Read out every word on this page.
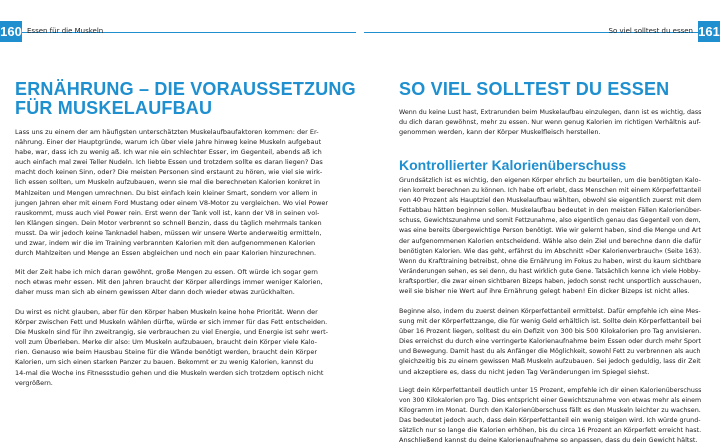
160 Essen für die Muskeln	So viel solltest du essen 161
ERNÄHRUNG – DIE VORAUSSETZUNG
FÜR MUSKELAUFBAU
Lass uns zu einem der am häufigsten unterschätzten Muskelaufbaufaktoren kommen: der Er-
nährung. Einer der Hauptgründe, warum ich über viele Jahre hinweg keine Muskeln aufgebaut
habe, war, dass ich zu wenig aß. Ich war nie ein schlechter Esser, im Gegenteil, abends aß ich
auch einfach mal zwei Teller Nudeln. Ich liebte Essen und trotzdem sollte es daran liegen? Das
macht doch keinen Sinn, oder? Die meisten Personen sind erstaunt zu hören, wie viel sie wirk-
lich essen sollten, um Muskeln aufzubauen, wenn sie mal die berechneten Kalorien konkret in
Mahlzeiten und Mengen umrechnen. Du bist einfach kein kleiner Smart, sondern vor allem in
jungen Jahren eher mit einem Ford Mustang oder einem V8-Motor zu vergleichen. Wo viel Power
rauskommt, muss auch viel Power rein. Erst wenn der Tank voll ist, kann der V8 in seinen vol-
len Klängen singen. Dein Motor verbrennt so schnell Benzin, dass du täglich mehrmals tanken
musst. Da wir jedoch keine Tanknadel haben, müssen wir unsere Werte anderweitig ermitteln,
und zwar, indem wir die im Training verbrannten Kalorien mit den aufgenommenen Kalorien
durch Mahlzeiten und Menge an Essen abgleichen und noch ein paar Kalorien hinzurechnen.
Mit der Zeit habe ich mich daran gewöhnt, große Mengen zu essen. Oft würde ich sogar gern
noch etwas mehr essen. Mit den Jahren braucht der Körper allerdings immer weniger Kalorien,
daher muss man sich ab einem gewissen Alter dann doch wieder etwas zurückhalten.
Du wirst es nicht glauben, aber für den Körper haben Muskeln keine hohe Priorität. Wenn der
Körper zwischen Fett und Muskeln wählen dürfte, würde er sich immer für das Fett entscheiden.
Die Muskeln sind für ihn zweitrangig, sie verbrauchen zu viel Energie, und Energie ist sehr wert-
voll zum Überleben. Merke dir also: Um Muskeln aufzubauen, braucht dein Körper viele Kalo-
rien. Genauso wie beim Hausbau Steine für die Wände benötigt werden, braucht dein Körper
Kalorien, um sich einen starken Panzer zu bauen. Bekommt er zu wenig Kalorien, kannst du
14-mal die Woche ins Fitnessstudio gehen und die Muskeln werden sich trotzdem optisch nicht
vergrößern.
SO VIEL SOLLTEST DU ESSEN
Wenn du keine Lust hast, Extrarunden beim Muskelaufbau einzulegen, dann ist es wichtig, dass
du dich daran gewöhnst, mehr zu essen. Nur wenn genug Kalorien im richtigen Verhältnis auf-
genommen werden, kann der Körper Muskelfleisch herstellen.
Kontrollierter Kalorienüberschuss
Grundsätzlich ist es wichtig, den eigenen Körper ehrlich zu beurteilen, um die benötigten Kalo-
rien korrekt berechnen zu können. Ich habe oft erlebt, dass Menschen mit einem Körperfettanteil
von 40 Prozent als Hauptziel den Muskelaufbau wählten, obwohl sie eigentlich zuerst mit dem
Fettabbau hätten beginnen sollen. Muskelaufbau bedeutet in den meisten Fällen Kalorienüber-
schuss, Gewichtszunahme und somit Fettzunahme, also eigentlich genau das Gegenteil von dem,
was eine bereits übergewichtige Person benötigt. Wie wir gelernt haben, sind die Menge und Art
der aufgenommenen Kalorien entscheidend. Wähle also dein Ziel und berechne dann die dafür
benötigten Kalorien. Wie das geht, erfährst du im Abschnitt »Der Kalorienverbrauch« (Seite 163).
Wenn du Krafttraining betreibst, ohne die Ernährung im Fokus zu haben, wirst du kaum sichtbare
Veränderungen sehen, es sei denn, du hast wirklich gute Gene. Tatsächlich kenne ich viele Hobby-
kraftsportler, die zwar einen sichtbaren Bizeps haben, jedoch sonst recht unsportlich ausschauen,
weil sie bisher nie Wert auf ihre Ernährung gelegt haben! Ein dicker Bizeps ist nicht alles.
Beginne also, indem du zuerst deinen Körperfettanteil ermittelst. Dafür empfehle ich eine Mes-
sung mit der Körperfettzange, die für wenig Geld erhältlich ist. Sollte dein Körperfettanteil bei
über 16 Prozent liegen, solltest du ein Defizit von 300 bis 500 Kilokalorien pro Tag anvisieren.
Dies erreichst du durch eine verringerte Kalorienaufnahme beim Essen oder durch mehr Sport
und Bewegung. Damit hast du als Anfänger die Möglichkeit, sowohl Fett zu verbrennen als auch
gleichzeitig bis zu einem gewissen Maß Muskeln aufzubauen. Sei jedoch geduldig, lass dir Zeit
und akzeptiere es, dass du nicht jeden Tag Veränderungen im Spiegel siehst.
Liegt dein Körperfettanteil deutlich unter 15 Prozent, empfehle ich dir einen Kalorienüberschuss
von 300 Kilokalorien pro Tag. Dies entspricht einer Gewichtszunahme von etwas mehr als einem
Kilogramm im Monat. Durch den Kalorienüberschuss fällt es den Muskeln leichter zu wachsen.
Das bedeutet jedoch auch, dass dein Körperfettanteil ein wenig steigen wird. Ich würde grund-
sätzlich nur so lange die Kalorien erhöhen, bis du circa 16 Prozent an Körperfett erreicht hast.
Anschließend kannst du deine Kalorienaufnahme so anpassen, dass du dein Gewicht hältst.
